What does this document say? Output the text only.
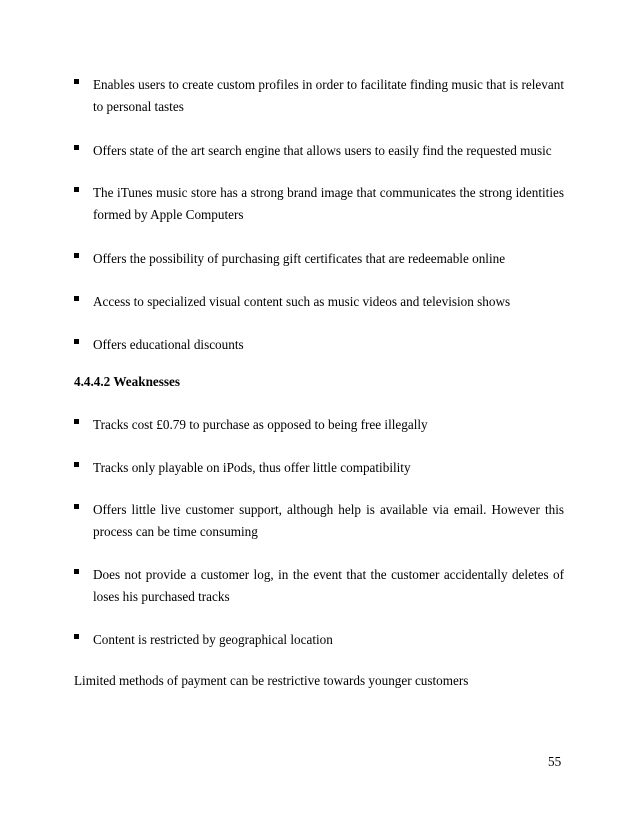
Enables users to create custom profiles in order to facilitate finding music that is relevant to personal tastes
Offers state of the art search engine that allows users to easily find the requested music
The iTunes music store has a strong brand image that communicates the strong identities formed by Apple Computers
Offers the possibility of purchasing gift certificates that are redeemable online
Access to specialized visual content such as music videos and television shows
Offers educational discounts
4.4.4.2 Weaknesses
Tracks cost £0.79 to purchase as opposed to being free illegally
Tracks only playable on iPods, thus offer little compatibility
Offers little live customer support, although help is available via email. However this process can be time consuming
Does not provide a customer log, in the event that the customer accidentally deletes of loses his purchased tracks
Content is restricted by geographical location
Limited methods of payment can be restrictive towards younger customers
55
